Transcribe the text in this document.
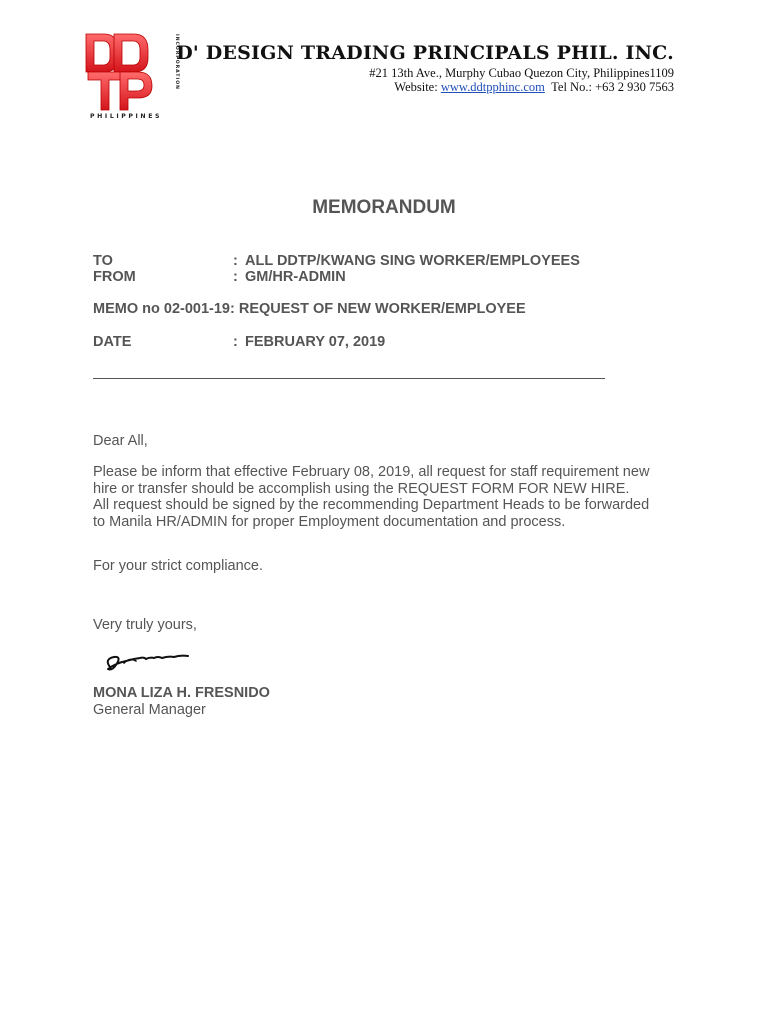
PHILIPPINES
INCORPORATION
D' DESIGN TRADING PRINCIPALS PHIL. INC.
#21 13th Ave., Murphy Cubao Quezon City, Philippines1109
Website: www.ddtpphinc.com Tel No.: +63 2 930 7563
MEMORANDUM
TO	: ALL DDTP/KWANG SING WORKER/EMPLOYEES
FROM	: GM/HR-ADMIN
MEMO no 02-001-19: REQUEST OF NEW WORKER/EMPLOYEE
DATE	: FEBRUARY 07, 2019
Dear All,
Please be inform that effective February 08, 2019, all request for staff requirement new
hire or transfer should be accomplish using the REQUEST FORM FOR NEW HIRE.
All request should be signed by the recommending Department Heads to be forwarded
to Manila HR/ADMIN for proper Employment documentation and process.
For your strict compliance.
Very truly yours,
MONA LIZA H. FRESNIDO
General Manager
